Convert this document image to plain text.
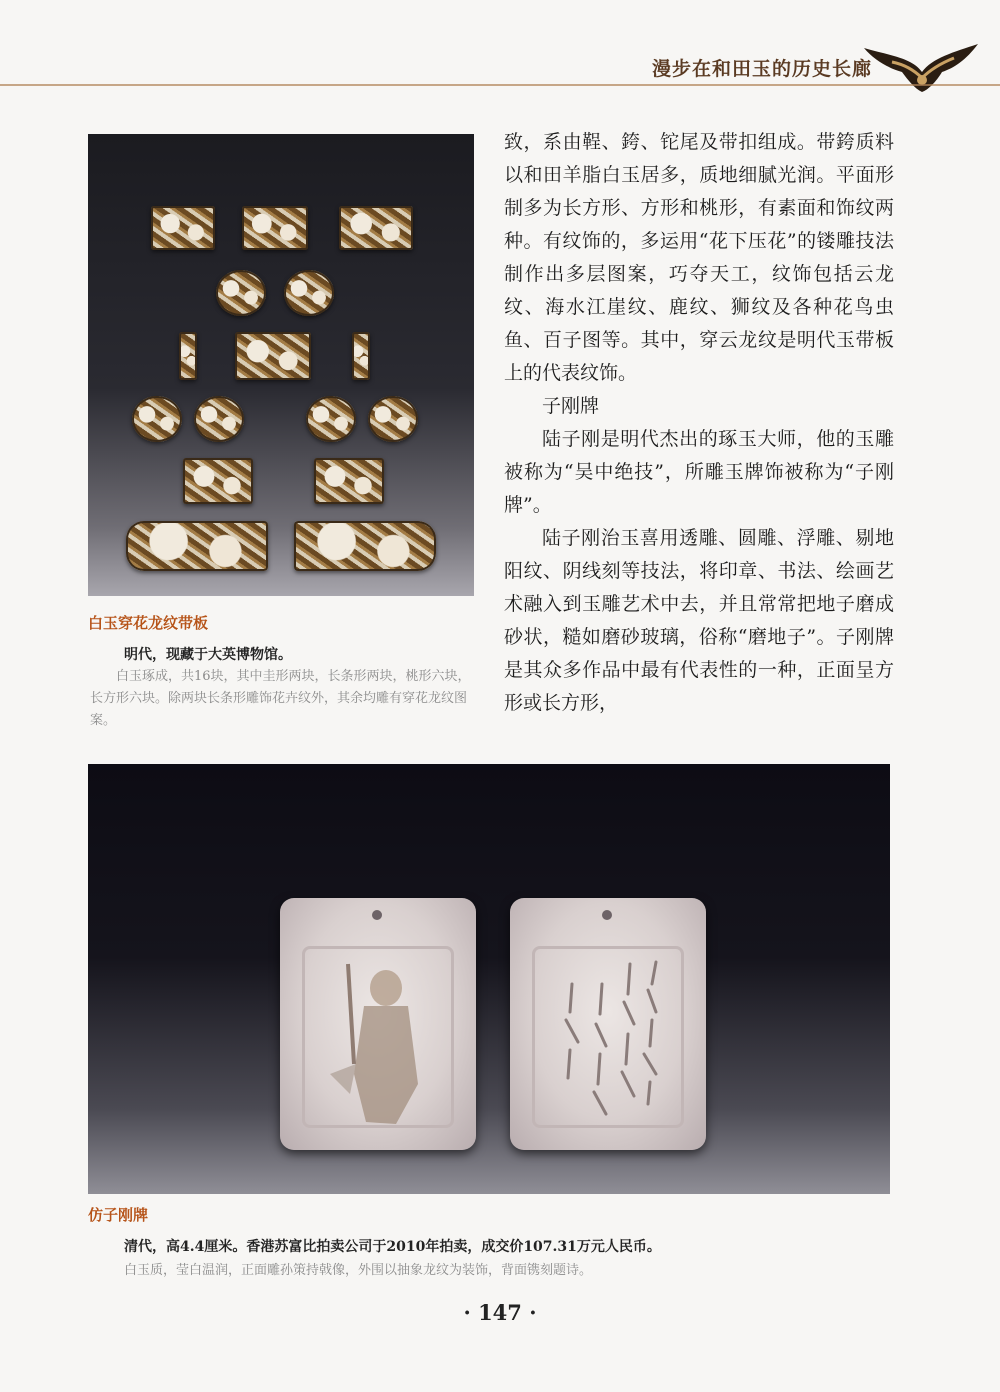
漫步在和田玉的历史长廊
白玉穿花龙纹带板
明代，现藏于大英博物馆。
白玉琢成，共16块，其中圭形两块，长条形两块，桃形六块，长方形六块。除两块长条形雕饰花卉纹外，其余均雕有穿花龙纹图案。

致，系由鞓、銙、铊尾及带扣组成。带銙质料以和田羊脂白玉居多，质地细腻光润。平面形制多为长方形、方形和桃形，有素面和饰纹两种。有纹饰的，多运用“花下压花”的镂雕技法制作出多层图案，巧夺天工，纹饰包括云龙纹、海水江崖纹、鹿纹、狮纹及各种花鸟虫鱼、百子图等。其中，穿云龙纹是明代玉带板上的代表纹饰。

子刚牌

陆子刚是明代杰出的琢玉大师，他的玉雕被称为“吴中绝技”，所雕玉牌饰被称为“子刚牌”。

陆子刚治玉喜用透雕、圆雕、浮雕、剔地阳纹、阴线刻等技法，将印章、书法、绘画艺术融入到玉雕艺术中去，并且常常把地子磨成砂状，糙如磨砂玻璃，俗称“磨地子”。子刚牌是其众多作品中最有代表性的一种，正面呈方形或长方形，

仿子刚牌
清代，高4.4厘米。香港苏富比拍卖公司于2010年拍卖，成交价107.31万元人民币。
白玉质，莹白温润，正面雕孙策持戟像，外围以抽象龙纹为装饰，背面镌刻题诗。
· 147 ·
